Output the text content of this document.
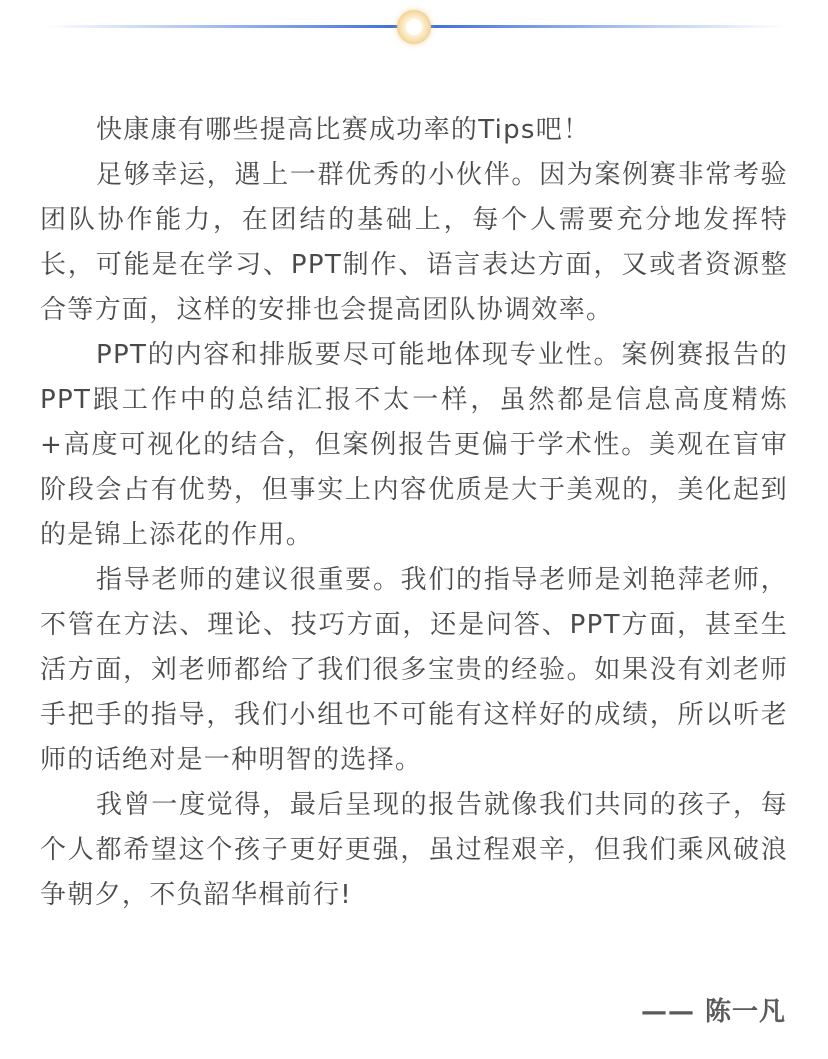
快康康有哪些提高比赛成功率的Tips吧！

足够幸运，遇上一群优秀的小伙伴。因为案例赛非常考验团队协作能力，在团结的基础上，每个人需要充分地发挥特长，可能是在学习、PPT制作、语言表达方面，又或者资源整合等方面，这样的安排也会提高团队协调效率。

PPT的内容和排版要尽可能地体现专业性。案例赛报告的PPT跟工作中的总结汇报不太一样，虽然都是信息高度精炼+高度可视化的结合，但案例报告更偏于学术性。美观在盲审阶段会占有优势，但事实上内容优质是大于美观的，美化起到的是锦上添花的作用。

指导老师的建议很重要。我们的指导老师是刘艳萍老师，不管在方法、理论、技巧方面，还是问答、PPT方面，甚至生活方面，刘老师都给了我们很多宝贵的经验。如果没有刘老师手把手的指导，我们小组也不可能有这样好的成绩，所以听老师的话绝对是一种明智的选择。

我曾一度觉得，最后呈现的报告就像我们共同的孩子，每个人都希望这个孩子更好更强，虽过程艰辛，但我们乘风破浪争朝夕，不负韶华楫前行!

—— 陈一凡
